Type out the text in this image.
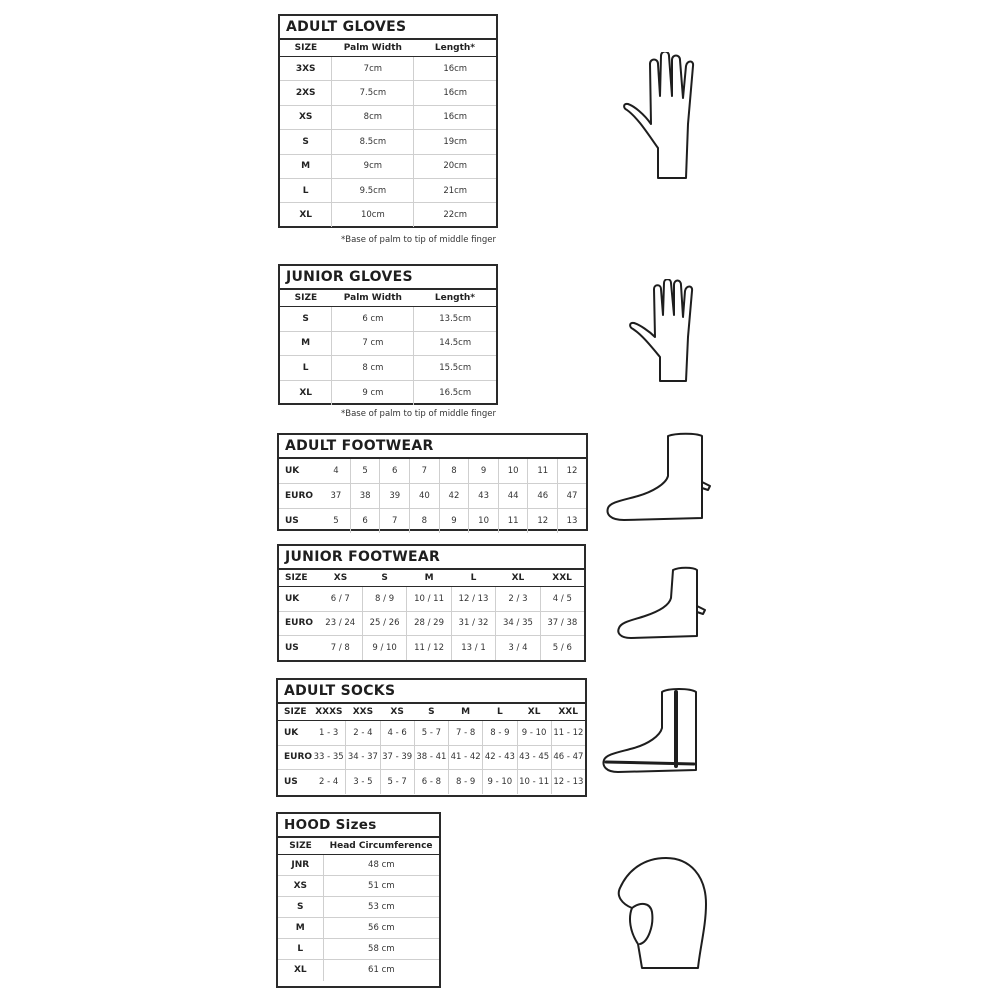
ADULT GLOVES
SIZE	Palm Width	Length*
3XS	7cm	16cm
2XS	7.5cm	16cm
XS	8cm	16cm
S	8.5cm	19cm
M	9cm	20cm
L	9.5cm	21cm
XL	10cm	22cm
*Base of palm to tip of middle finger
JUNIOR GLOVES
SIZE	Palm Width	Length*
S	6 cm	13.5cm
M	7 cm	14.5cm
L	8 cm	15.5cm
XL	9 cm	16.5cm
*Base of palm to tip of middle finger
ADULT FOOTWEAR
UK	4	5	6	7	8	9	10	11	12
EURO	37	38	39	40	42	43	44	46	47
US	5	6	7	8	9	10	11	12	13
JUNIOR FOOTWEAR
SIZE	XS	S	M	L	XL	XXL
UK	6 / 7	8 / 9	10 / 11	12 / 13	2 / 3	4 / 5
EURO	23 / 24	25 / 26	28 / 29	31 / 32	34 / 35	37 / 38
US	7 / 8	9 / 10	11 / 12	13 / 1	3 / 4	5 / 6
ADULT SOCKS
SIZE	XXXS	XXS	XS	S	M	L	XL	XXL
UK	1 - 3	2 - 4	4 - 6	5 - 7	7 - 8	8 - 9	9 - 10	11 - 12
EURO	33 - 35	34 - 37	37 - 39	38 - 41	41 - 42	42 - 43	43 - 45	46 - 47
US	2 - 4	3 - 5	5 - 7	6 - 8	8 - 9	9 - 10	10 - 11	12 - 13
HOOD Sizes
SIZE	Head Circumference
JNR	48 cm
XS	51 cm
S	53 cm
M	56 cm
L	58 cm
XL	61 cm
